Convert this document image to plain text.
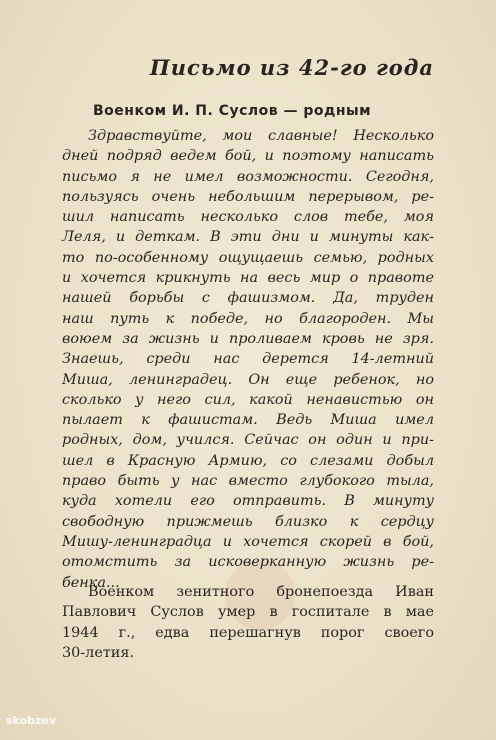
Письмо из 42-го года
Военком И. П. Суслов — родным
Здравствуйте, мои славные! Несколько
дней подряд ведем бой, и поэтому написать
письмо я не имел возможности. Сегодня,
пользуясь очень небольшим перерывом, ре-
шил написать несколько слов тебе, моя
Леля, и деткам. В эти дни и минуты как-
то по-особенному ощущаешь семью, родных
и хочется крикнуть на весь мир о правоте
нашей борьбы с фашизмом. Да, труден
наш путь к победе, но благороден. Мы
воюем за жизнь и проливаем кровь не зря.
Знаешь, среди нас дерется 14-летний
Миша, ленинградец. Он еще ребенок, но
сколько у него сил, какой ненавистью он
пылает к фашистам. Ведь Миша имел
родных, дом, учился. Сейчас он один и при-
шел в Красную Армию, со слезами добыл
право быть у нас вместо глубокого тыла,
куда хотели его отправить. В минуту
свободную прижмешь близко к сердцу
Мишу-ленинградца и хочется скорей в бой,
отомстить за исковерканную жизнь ре-
бенка...
Военком зенитного бронепоезда Иван
Павлович Суслов умер в госпитале в мае
1944 г., едва перешагнув порог своего
30-летия.
skobzev
